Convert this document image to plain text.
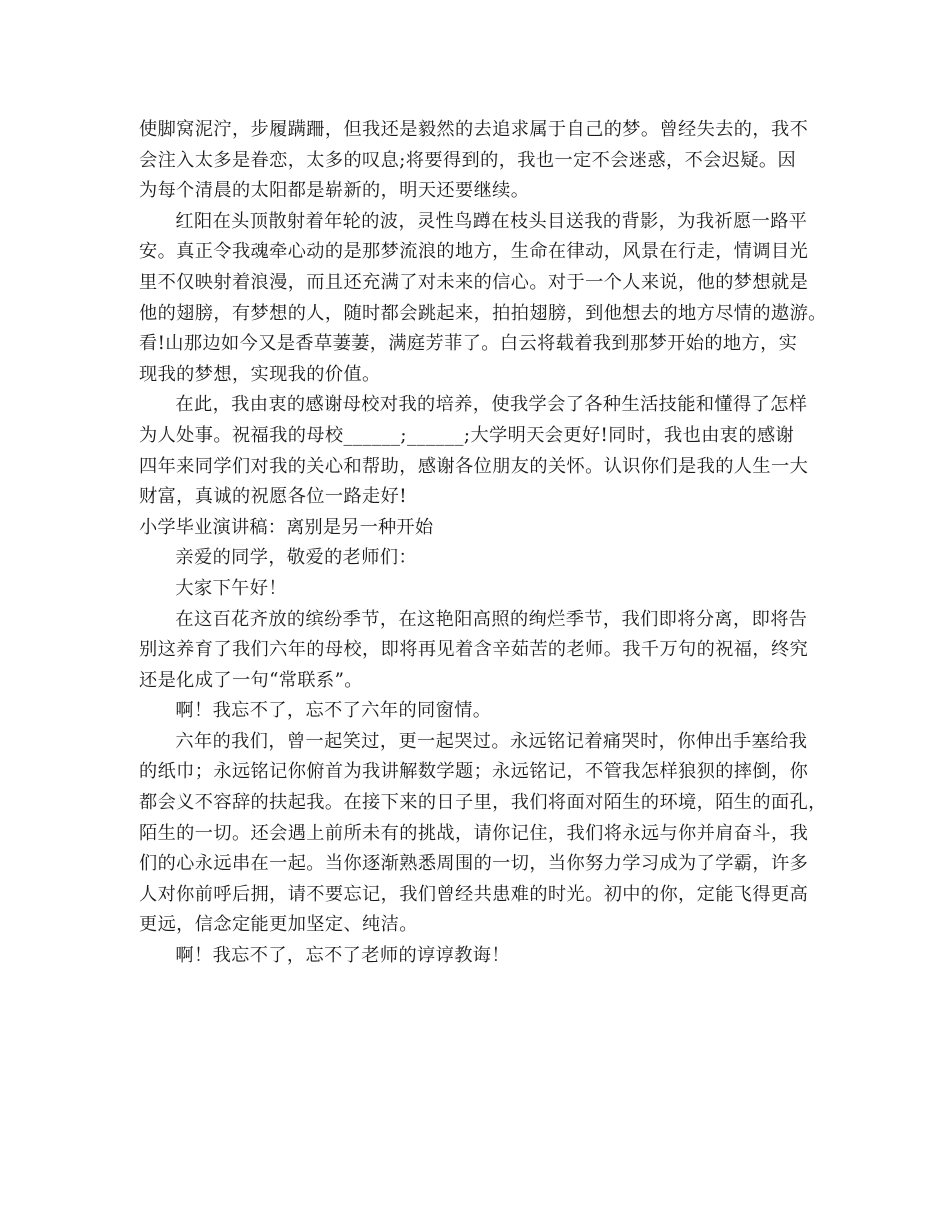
使脚窝泥泞，步履蹒跚，但我还是毅然的去追求属于自己的梦。曾经失去的，我不
会注入太多是眷恋，太多的叹息;将要得到的，我也一定不会迷惑，不会迟疑。因
为每个清晨的太阳都是崭新的，明天还要继续。

红阳在头顶散射着年轮的波，灵性鸟蹲在枝头目送我的背影，为我祈愿一路平
安。真正令我魂牵心动的是那梦流浪的地方，生命在律动，风景在行走，情调目光
里不仅映射着浪漫，而且还充满了对未来的信心。对于一个人来说，他的梦想就是
他的翅膀，有梦想的人，随时都会跳起来，拍拍翅膀，到他想去的地方尽情的遨游。
看!山那边如今又是香草萋萋，满庭芳菲了。白云将载着我到那梦开始的地方，实
现我的梦想，实现我的价值。

在此，我由衷的感谢母校对我的培养，使我学会了各种生活技能和懂得了怎样
为人处事。祝福我的母校______;______;大学明天会更好!同时，我也由衷的感谢
四年来同学们对我的关心和帮助，感谢各位朋友的关怀。认识你们是我的人生一大
财富，真诚的祝愿各位一路走好!

小学毕业演讲稿：离别是另一种开始

亲爱的同学，敬爱的老师们：

大家下午好！

在这百花齐放的缤纷季节，在这艳阳高照的绚烂季节，我们即将分离，即将告
别这养育了我们六年的母校，即将再见着含辛茹苦的老师。我千万句的祝福，终究
还是化成了一句“常联系”。

啊！我忘不了，忘不了六年的同窗情。

六年的我们，曾一起笑过，更一起哭过。永远铭记着痛哭时，你伸出手塞给我
的纸巾；永远铭记你俯首为我讲解数学题；永远铭记，不管我怎样狼狈的摔倒，你
都会义不容辞的扶起我。在接下来的日子里，我们将面对陌生的环境，陌生的面孔，
陌生的一切。还会遇上前所未有的挑战，请你记住，我们将永远与你并肩奋斗，我
们的心永远串在一起。当你逐渐熟悉周围的一切，当你努力学习成为了学霸，许多
人对你前呼后拥，请不要忘记，我们曾经共患难的时光。初中的你，定能飞得更高
更远，信念定能更加坚定、纯洁。

啊！我忘不了，忘不了老师的谆谆教诲！
